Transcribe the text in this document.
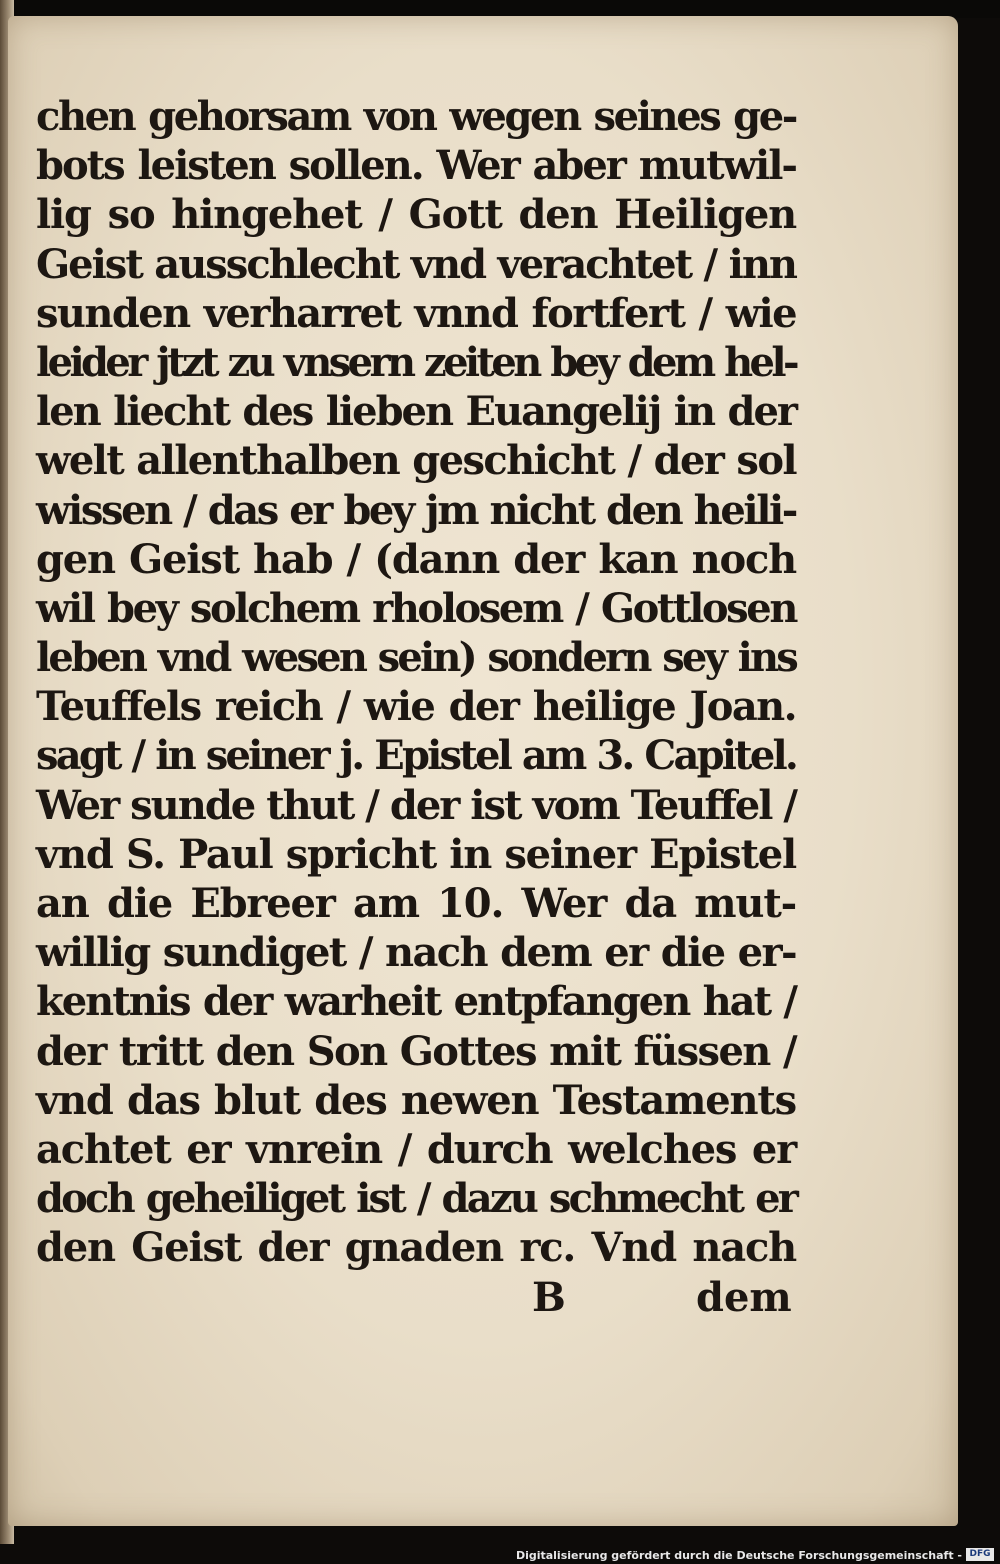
chen gehorsam von wegen seines ge-
bots leisten sollen. Wer aber mutwil-
lig so hingehet / Gott den Heiligen
Geist ausschlecht vnd verachtet / inn
sunden verharret vnnd fortfert / wie
leider jtzt zu vnsern zeiten bey dem hel-
len liecht des lieben Euangelij in der
welt allenthalben geschicht / der sol
wissen / das er bey jm nicht den heili-
gen Geist hab / (dann der kan noch
wil bey solchem rholosem / Gottlosen
leben vnd wesen sein) sondern sey ins
Teuffels reich / wie der heilige Joan.
sagt / in seiner j. Epistel am 3. Capitel.
Wer sunde thut / der ist vom Teuffel /
vnd S. Paul spricht in seiner Epistel
an die Ebreer am 10. Wer da mut-
willig sundiget / nach dem er die er-
kentnis der warheit entpfangen hat /
der tritt den Son Gottes mit füssen /
vnd das blut des newen Testaments
achtet er vnrein / durch welches er
doch geheiliget ist / dazu schmecht er
den Geist der gnaden rc. Vnd nach
B	dem
Digitalisierung gefördert durch die Deutsche Forschungsgemeinschaft - DFG
